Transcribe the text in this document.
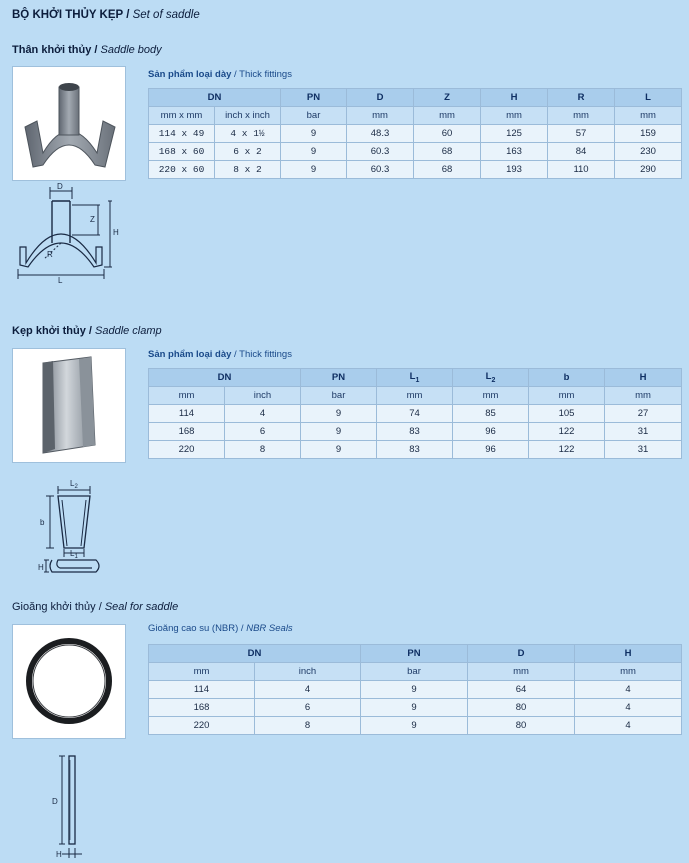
BỘ KHỞI THỦY KẸP / Set of saddle
Thân khởi thủy / Saddle body
Sản phẩm loại dày / Thick fittings
DN		PN	D	Z	H	R	L
mm x mm	inch x inch	bar	mm	mm	mm	mm	mm
114 x 49	4 x 1½	9	48.3	60	125	57	159
168 x 60	6 x 2	9	60.3	68	163	84	230
220 x 60	8 x 2	9	60.3	68	193	110	290
D
Z
H
R
L
Kẹp khởi thủy / Saddle clamp
Sản phẩm loại dày / Thick fittings
DN		PN	$L_1$	$L_2$	b	H
mm	inch	bar	mm	mm	mm	mm
114	4	9	74	85	105	27
168	6	9	83	96	122	31
220	8	9	83	96	122	31
$L_2$
b
$L_1$
H
Gioăng khởi thủy / Seal for saddle
Gioăng cao su (NBR) / NBR Seals
DN		PN	D	H
mm	inch	bar	mm	mm
114	4	9	64	4
168	6	9	80	4
220	8	9	80	4
D
H
